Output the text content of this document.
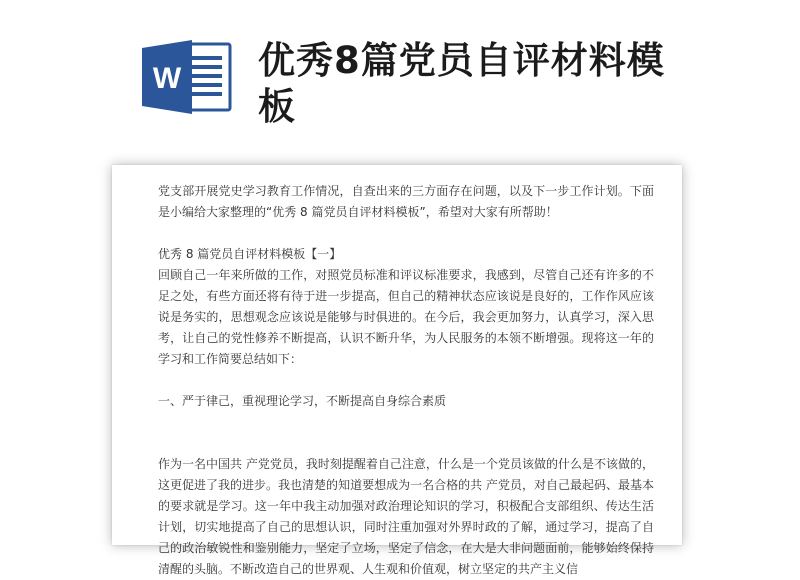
W 优秀8篇党员自评材料模板

党支部开展党史学习教育工作情况，自查出来的三方面存在问题，以及下一步工作计划。下面是小编给大家整理的“优秀 8 篇党员自评材料模板”，希望对大家有所帮助！

优秀 8 篇党员自评材料模板【一】

回顾自己一年来所做的工作，对照党员标准和评议标准要求，我感到，尽管自己还有许多的不足之处，有些方面还将有待于进一步提高，但自己的精神状态应该说是良好的，工作作风应该说是务实的，思想观念应该说是能够与时俱进的。在今后，我会更加努力，认真学习，深入思考，让自己的党性修养不断提高，认识不断升华，为人民服务的本领不断增强。现将这一年的学习和工作简要总结如下：

一、严于律己，重视理论学习，不断提高自身综合素质

作为一名中国共 产党党员，我时刻提醒着自己注意，什么是一个党员该做的什么是不该做的，这更促进了我的进步。我也清楚的知道要想成为一名合格的共 产党员，对自己最起码、最基本的要求就是学习。这一年中我主动加强对政治理论知识的学习，积极配合支部组织、传达生活计划，切实地提高了自己的思想认识，同时注重加强对外界时政的了解，通过学习，提高了自己的政治敏锐性和鉴别能力，坚定了立场，坚定了信念，在大是大非问题面前，能够始终保持清醒的头脑。不断改造自己的世界观、人生观和价值观，树立坚定的共产主义信
